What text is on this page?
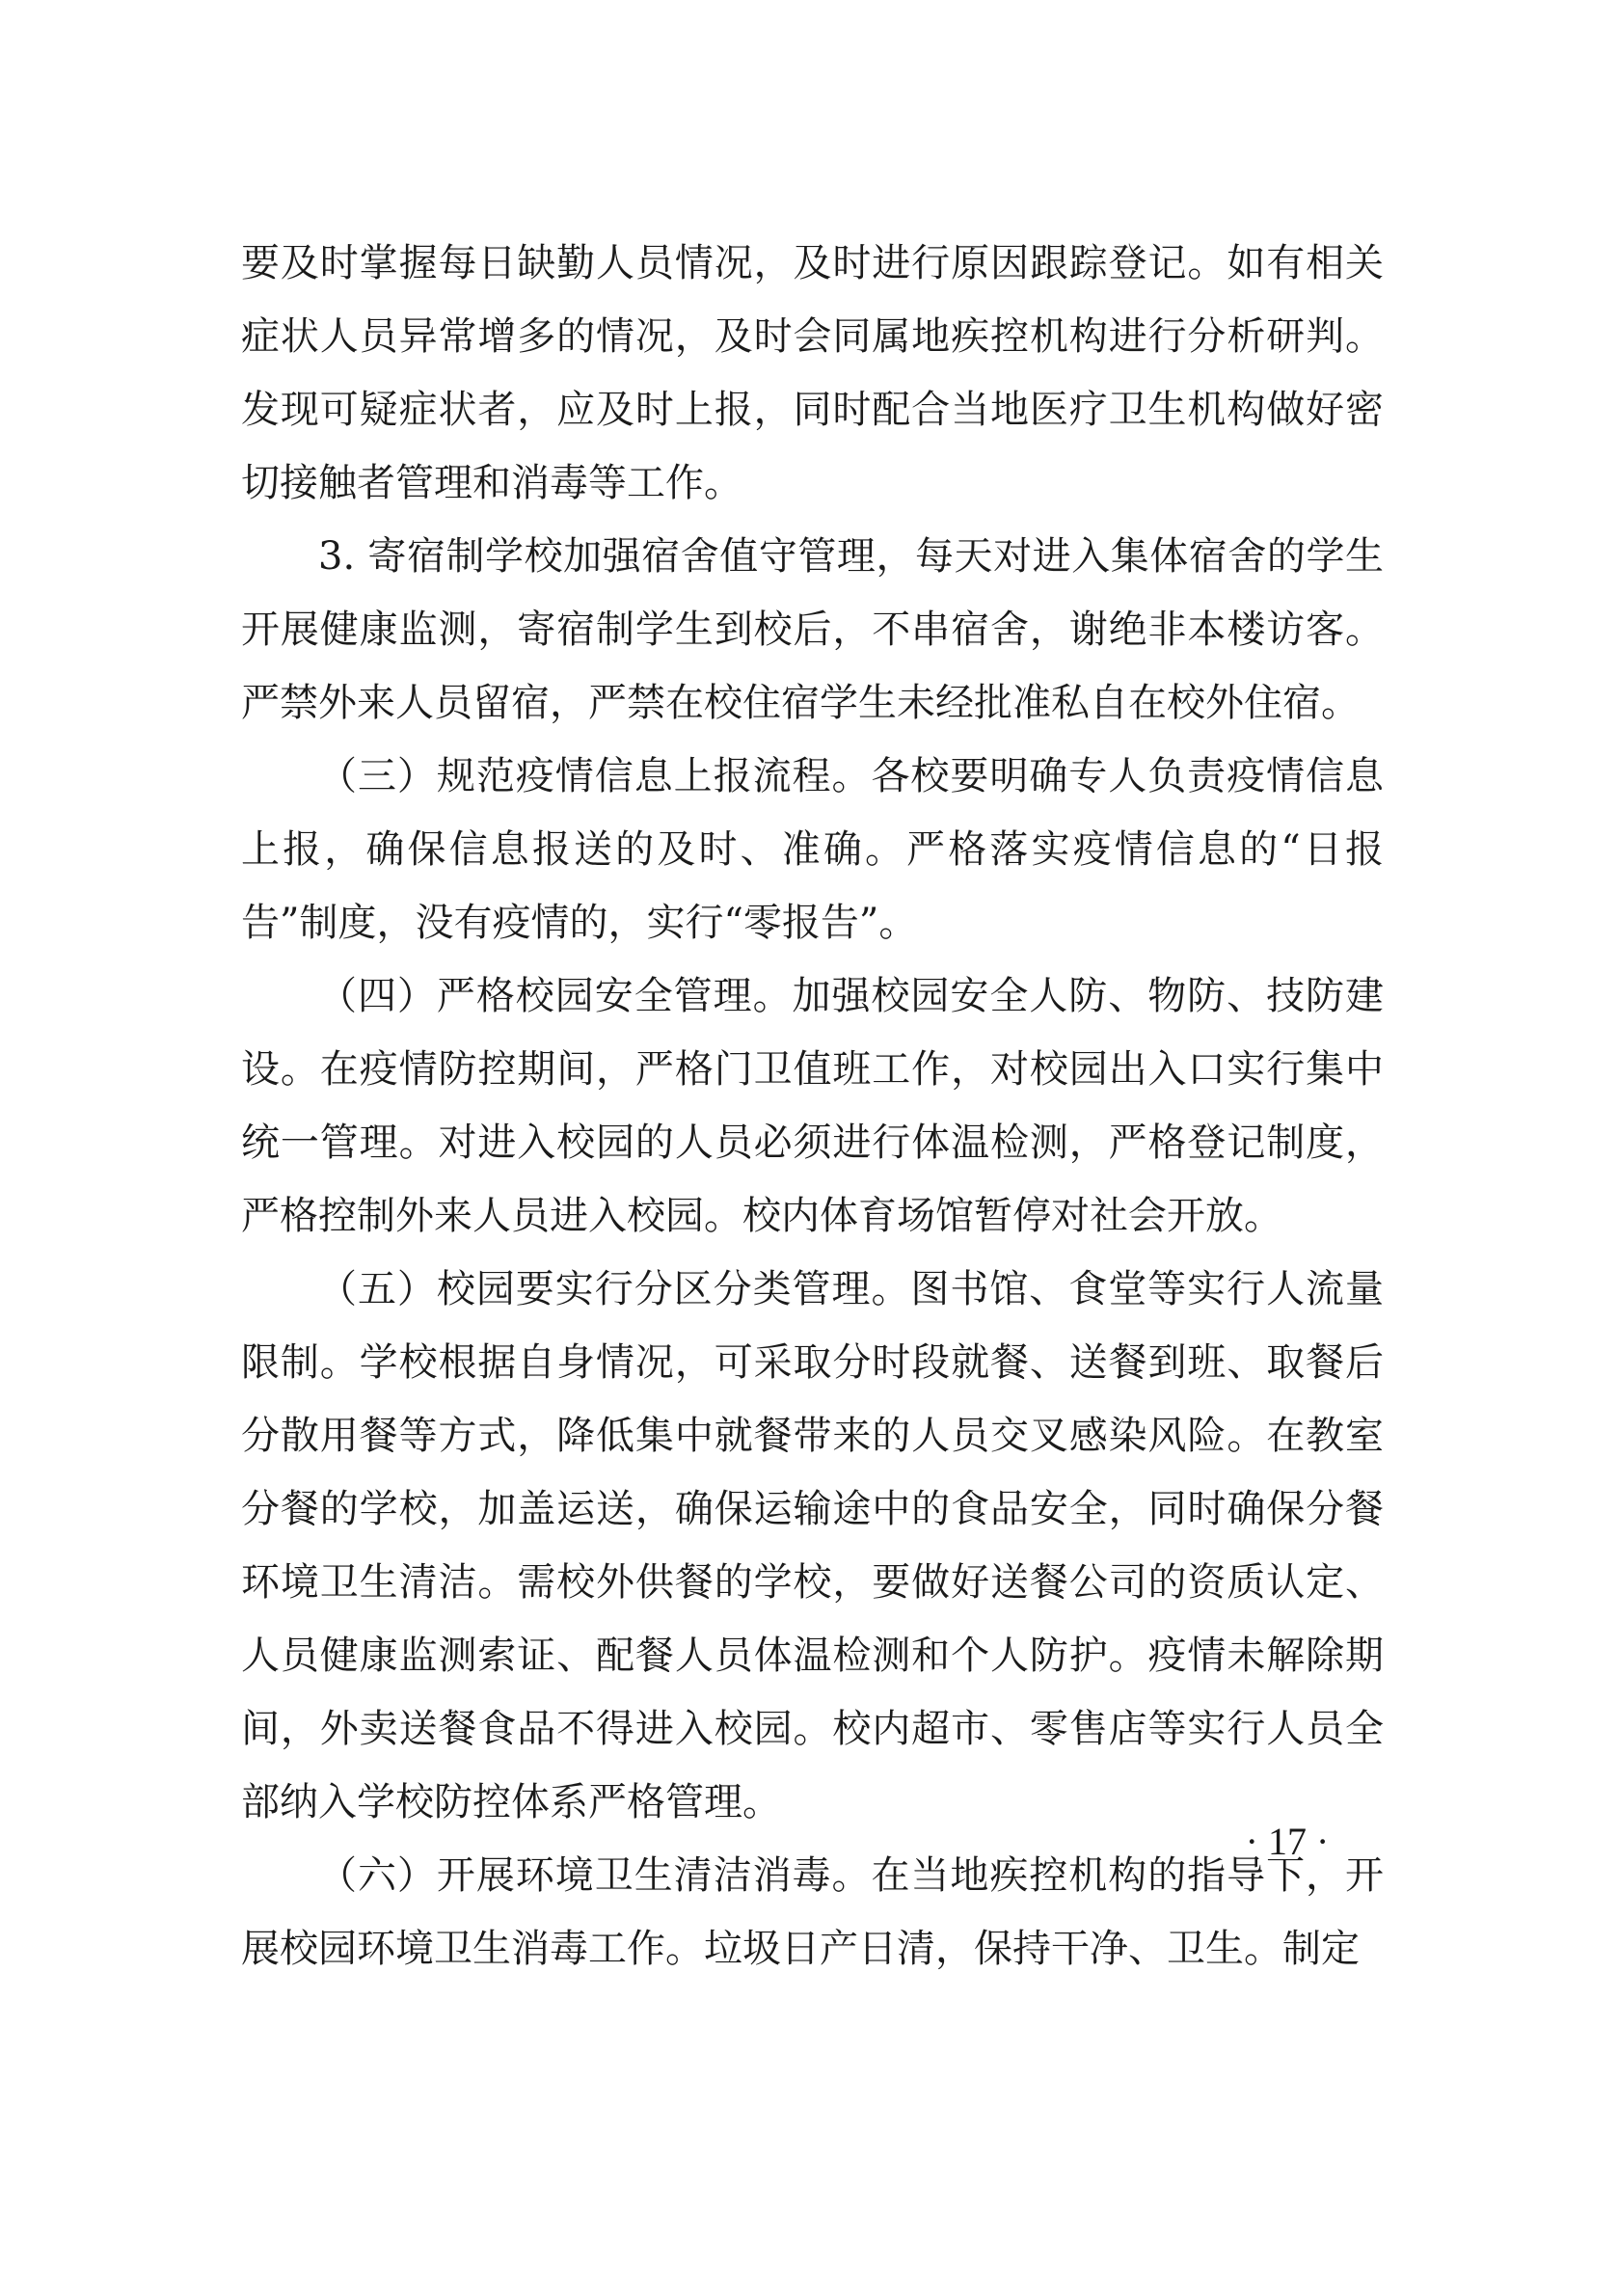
要及时掌握每日缺勤人员情况，及时进行原因跟踪登记。如有相关症状人员异常增多的情况，及时会同属地疾控机构进行分析研判。发现可疑症状者，应及时上报，同时配合当地医疗卫生机构做好密切接触者管理和消毒等工作。

3. 寄宿制学校加强宿舍值守管理，每天对进入集体宿舍的学生开展健康监测，寄宿制学生到校后，不串宿舍，谢绝非本楼访客。严禁外来人员留宿，严禁在校住宿学生未经批准私自在校外住宿。

（三）规范疫情信息上报流程。各校要明确专人负责疫情信息上报，确保信息报送的及时、准确。严格落实疫情信息的“日报告”制度，没有疫情的，实行“零报告”。

（四）严格校园安全管理。加强校园安全人防、物防、技防建设。在疫情防控期间，严格门卫值班工作，对校园出入口实行集中统一管理。对进入校园的人员必须进行体温检测，严格登记制度，严格控制外来人员进入校园。校内体育场馆暂停对社会开放。

（五）校园要实行分区分类管理。图书馆、食堂等实行人流量限制。学校根据自身情况，可采取分时段就餐、送餐到班、取餐后分散用餐等方式，降低集中就餐带来的人员交叉感染风险。在教室分餐的学校，加盖运送，确保运输途中的食品安全，同时确保分餐环境卫生清洁。需校外供餐的学校，要做好送餐公司的资质认定、人员健康监测索证、配餐人员体温检测和个人防护。疫情未解除期间，外卖送餐食品不得进入校园。校内超市、零售店等实行人员全部纳入学校防控体系严格管理。

（六）开展环境卫生清洁消毒。在当地疾控机构的指导下，开展校园环境卫生消毒工作。垃圾日产日清，保持干净、卫生。制定

· 17 ·
